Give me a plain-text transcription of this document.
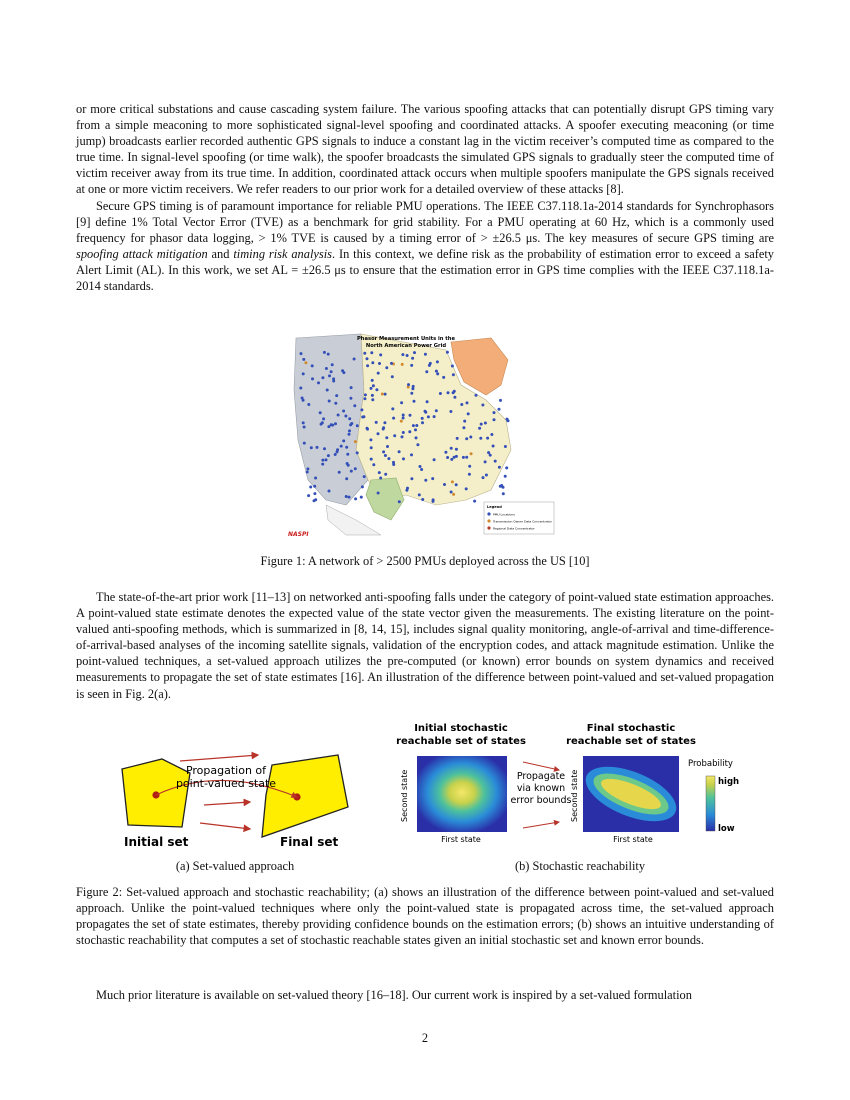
or more critical substations and cause cascading system failure. The various spoofing attacks that can potentially disrupt GPS timing vary from a simple meaconing to more sophisticated signal-level spoofing and coordinated attacks. A spoofer executing meaconing (or time jump) broadcasts earlier recorded authentic GPS signals to induce a constant lag in the victim receiver’s computed time as compared to the true time. In signal-level spoofing (or time walk), the spoofer broadcasts the simulated GPS signals to gradually steer the computed time of victim receiver away from its true time. In addition, coordinated attack occurs when multiple spoofers manipulate the GPS signals received at one or more victim receivers. We refer readers to our prior work for a detailed overview of these attacks [8].

Secure GPS timing is of paramount importance for reliable PMU operations. The IEEE C37.118.1a-2014 standards for Synchrophasors [9] define 1% Total Vector Error (TVE) as a benchmark for grid stability. For a PMU operating at 60 Hz, which is a commonly used frequency for phasor data logging, > 1% TVE is caused by a timing error of > ±26.5 μs. The key measures of secure GPS timing are spoofing attack mitigation and timing risk analysis. In this context, we define risk as the probability of estimation error to exceed a safety Alert Limit (AL). In this work, we set AL = ±26.5 μs to ensure that the estimation error in GPS time complies with the IEEE C37.118.1a-2014 standards.

Phasor Measurement Units in the
North American Power Grid
Legend
PMU Locations
Transmission Owner Data Concentrator
Regional Data Concentrator
NASPI
Figure 1: A network of > 2500 PMUs deployed across the US [10]
The state-of-the-art prior work [11–13] on networked anti-spoofing falls under the category of point-valued state estimation approaches. A point-valued state estimate denotes the expected value of the state vector given the measurements. The existing literature on the point-valued anti-spoofing methods, which is summarized in [8, 14, 15], includes signal quality monitoring, angle-of-arrival and time-difference-of-arrival-based analyses of the incoming satellite signals, validation of the encryption codes, and attack magnitude estimation. Unlike the point-valued techniques, a set-valued approach utilizes the pre-computed (or known) error bounds on system dynamics and received measurements to propagate the set of state estimates [16]. An illustration of the difference between point-valued and set-valued propagation is seen in Fig. 2(a).
Propagation of
point-valued state
Initial set	Final set
(a) Set-valued approach
Initial stochastic
reachable set of states
Final stochastic
reachable set of states
Second state	Second state
First state	First state
Propagate
via known
error bounds
Probability
high
low
(b) Stochastic reachability
Figure 2: Set-valued approach and stochastic reachability; (a) shows an illustration of the difference between point-valued and set-valued approach. Unlike the point-valued techniques where only the point-valued state is propagated across time, the set-valued approach propagates the set of state estimates, thereby providing confidence bounds on the estimation errors; (b) shows an intuitive understanding of stochastic reachability that computes a set of stochastic reachable states given an initial stochastic set and known error bounds.
Much prior literature is available on set-valued theory [16–18]. Our current work is inspired by a set-valued formulation
2
